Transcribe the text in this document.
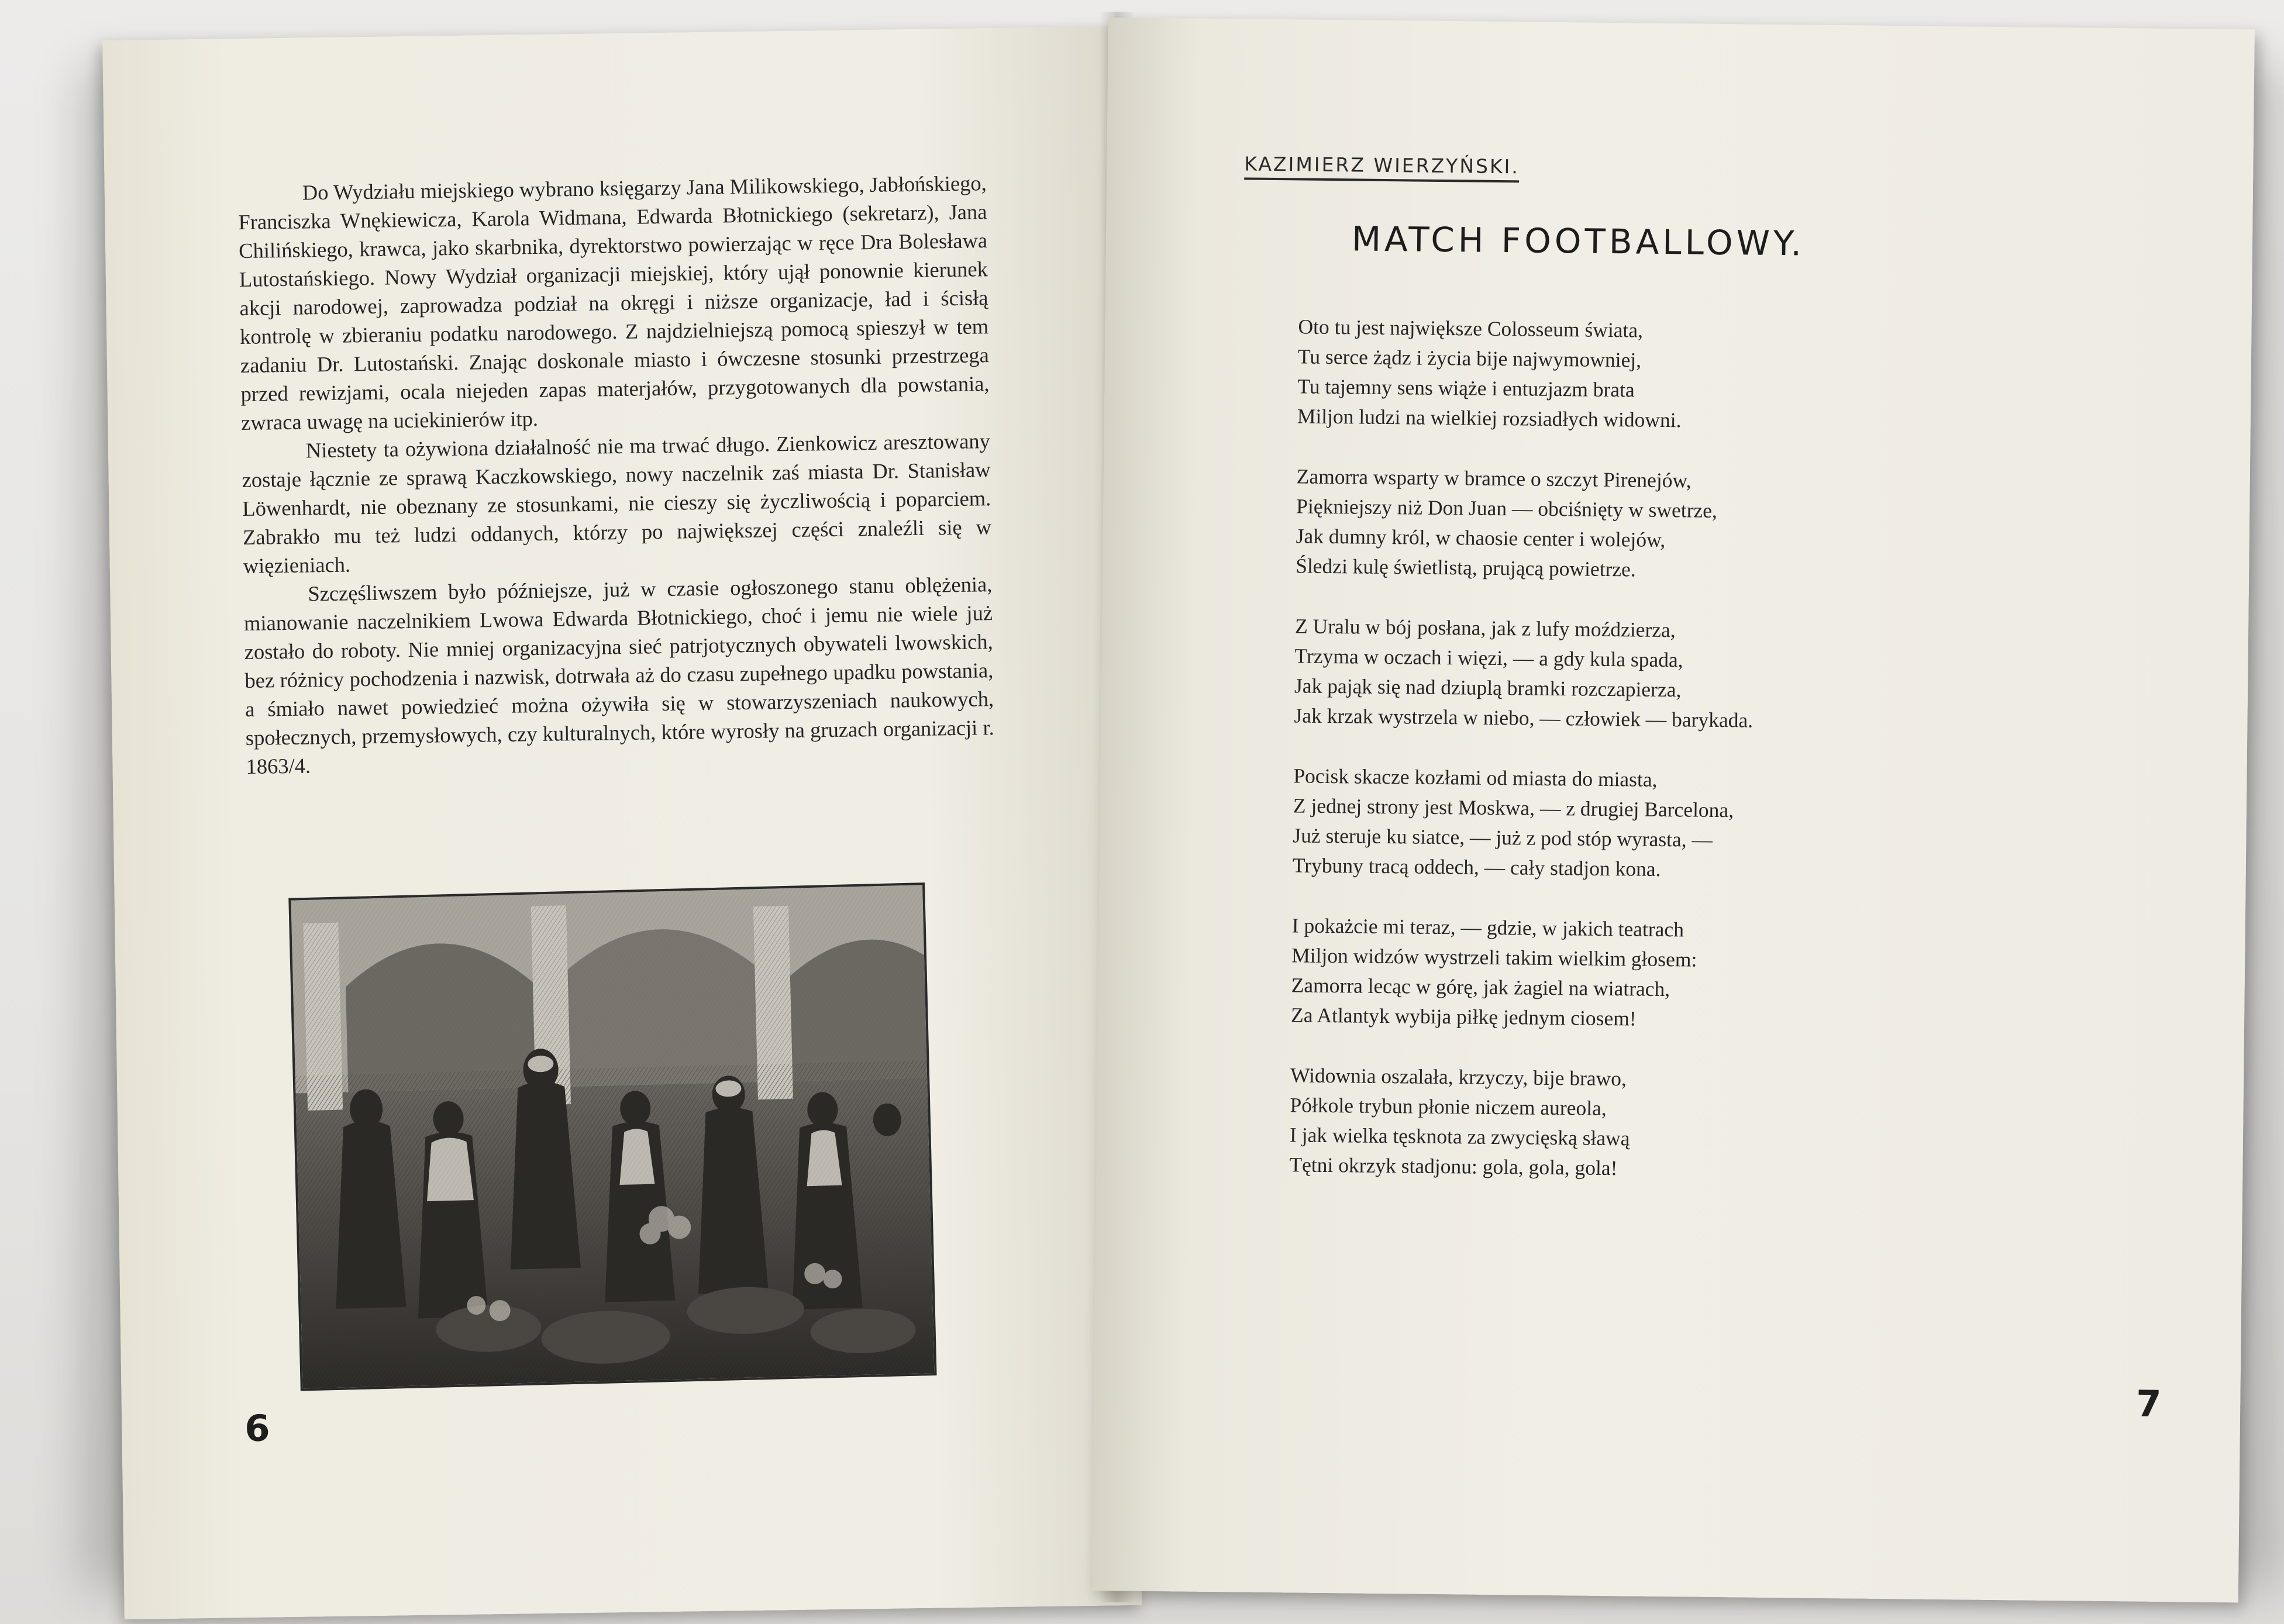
Do Wydziału miejskiego wybrano księgarzy Jana Milikowskiego, Jabłońskiego, Franciszka Wnękiewicza, Karola Widmana, Edwarda Błotnickiego (sekretarz), Jana Chilińskiego, krawca, jako skarbnika, dyrektorstwo powierzając w ręce Dra Bolesława Lutostańskiego. Nowy Wydział organizacji miejskiej, który ujął ponownie kierunek akcji narodowej, zaprowadza podział na okręgi i niższe organizacje, ład i ścisłą kontrolę w zbieraniu podatku narodowego. Z najdzielniejszą pomocą spieszył w tem zadaniu Dr. Lutostański. Znając doskonale miasto i ówczesne stosunki przestrzega przed rewizjami, ocala niejeden zapas materjałów, przygotowanych dla powstania, zwraca uwagę na uciekinierów itp.

Niestety ta ożywiona działalność nie ma trwać długo. Zienkowicz aresztowany zostaje łącznie ze sprawą Kaczkowskiego, nowy naczelnik zaś miasta Dr. Stanisław Löwenhardt, nie obeznany ze stosunkami, nie cieszy się życzliwością i poparciem. Zabrakło mu też ludzi oddanych, którzy po największej części znaleźli się w więzieniach.

Szczęśliwszem było późniejsze, już w czasie ogłoszonego stanu oblężenia, mianowanie naczelnikiem Lwowa Edwarda Błotnickiego, choć i jemu nie wiele już zostało do roboty. Nie mniej organizacyjna sieć patrjotycznych obywateli lwowskich, bez różnicy pochodzenia i nazwisk, dotrwała aż do czasu zupełnego upadku powstania, a śmiało nawet powiedzieć można ożywiła się w stowarzyszeniach naukowych, społecznych, przemysłowych, czy kulturalnych, które wyrosły na gruzach organizacji r. 1863/4.

6
KAZIMIERZ WIERZYŃSKI.
MATCH FOOTBALLOWY.
Oto tu jest największe Colosseum świata,
Tu serce żądz i życia bije najwymowniej,
Tu tajemny sens wiąże i entuzjazm brata
Miljon ludzi na wielkiej rozsiadłych widowni.
Zamorra wsparty w bramce o szczyt Pirenejów,
Piękniejszy niż Don Juan — obciśnięty w swetrze,
Jak dumny król, w chaosie center i wolejów,
Śledzi kulę świetlistą, prującą powietrze.
Z Uralu w bój posłana, jak z lufy moździerza,
Trzyma w oczach i więzi, — a gdy kula spada,
Jak pająk się nad dziuplą bramki rozczapierza,
Jak krzak wystrzela w niebo, — człowiek — barykada.
Pocisk skacze kozłami od miasta do miasta,
Z jednej strony jest Moskwa, — z drugiej Barcelona,
Już steruje ku siatce, — już z pod stóp wyrasta, —
Trybuny tracą oddech, — cały stadjon kona.
I pokażcie mi teraz, — gdzie, w jakich teatrach
Miljon widzów wystrzeli takim wielkim głosem:
Zamorra lecąc w górę, jak żagiel na wiatrach,
Za Atlantyk wybija piłkę jednym ciosem!
Widownia oszalała, krzyczy, bije brawo,
Półkole trybun płonie niczem aureola,
I jak wielka tęsknota za zwycięską sławą
Tętni okrzyk stadjonu: gola, gola, gola!
7
